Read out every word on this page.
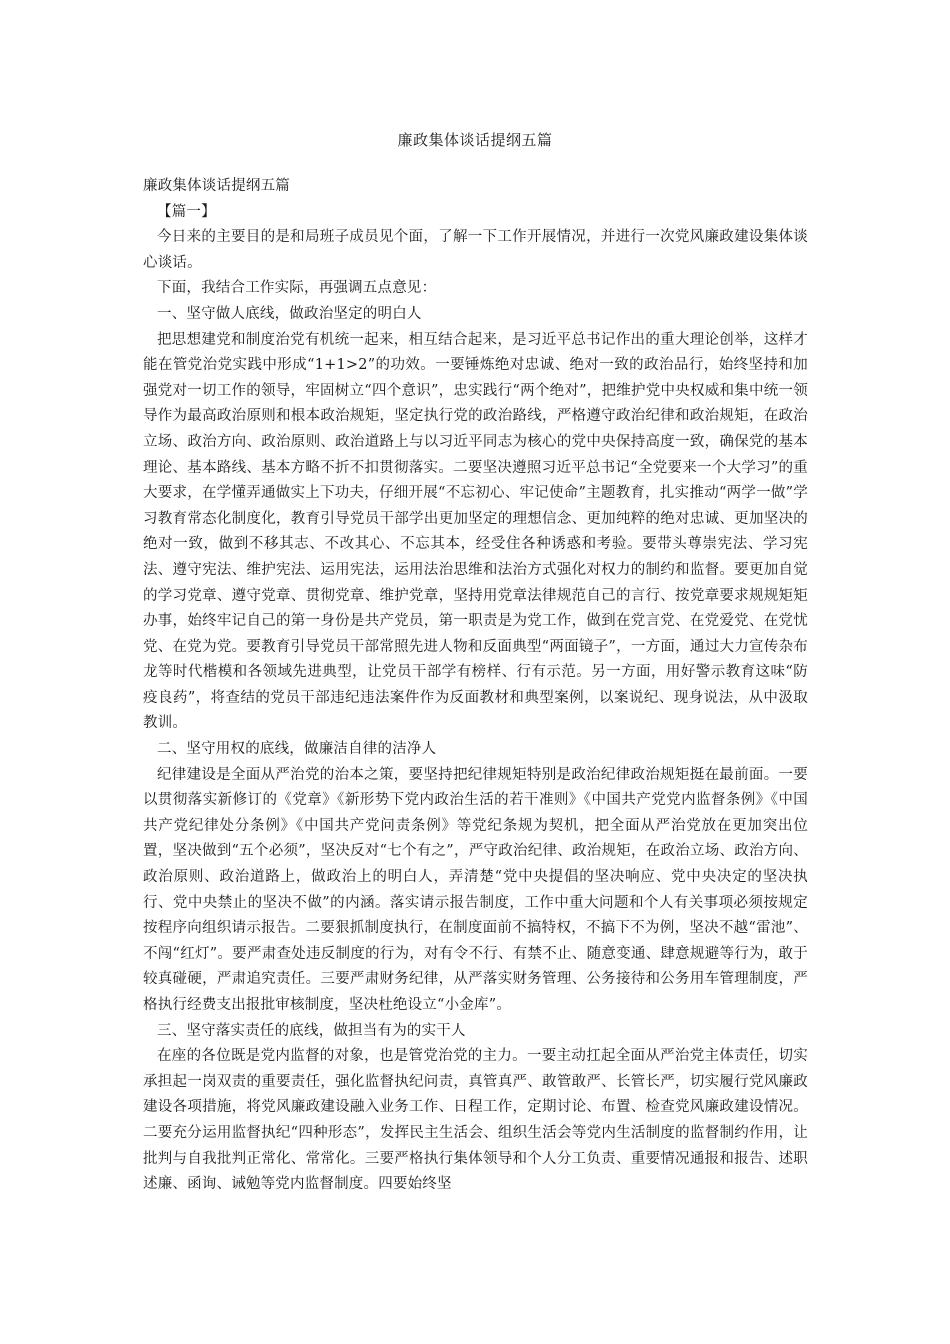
廉政集体谈话提纲五篇

廉政集体谈话提纲五篇

【篇一】

今日来的主要目的是和局班子成员见个面，了解一下工作开展情况，并进行一次党风廉政建设集体谈心谈话。

下面，我结合工作实际，再强调五点意见：

一、坚守做人底线，做政治坚定的明白人

把思想建党和制度治党有机统一起来，相互结合起来，是习近平总书记作出的重大理论创举，这样才能在管党治党实践中形成“1+1>2”的功效。一要锤炼绝对忠诚、绝对一致的政治品行，始终坚持和加强党对一切工作的领导，牢固树立“四个意识”，忠实践行“两个绝对”，把维护党中央权威和集中统一领导作为最高政治原则和根本政治规矩，坚定执行党的政治路线，严格遵守政治纪律和政治规矩，在政治立场、政治方向、政治原则、政治道路上与以习近平同志为核心的党中央保持高度一致，确保党的基本理论、基本路线、基本方略不折不扣贯彻落实。二要坚决遵照习近平总书记“全党要来一个大学习”的重大要求，在学懂弄通做实上下功夫，仔细开展“不忘初心、牢记使命”主题教育，扎实推动“两学一做”学习教育常态化制度化，教育引导党员干部学出更加坚定的理想信念、更加纯粹的绝对忠诚、更加坚决的绝对一致，做到不移其志、不改其心、不忘其本，经受住各种诱惑和考验。要带头尊崇宪法、学习宪法、遵守宪法、维护宪法、运用宪法，运用法治思维和法治方式强化对权力的制约和监督。要更加自觉的学习党章、遵守党章、贯彻党章、维护党章，坚持用党章法律规范自己的言行、按党章要求规规矩矩办事，始终牢记自己的第一身份是共产党员，第一职责是为党工作，做到在党言党、在党爱党、在党忧党、在党为党。要教育引导党员干部常照先进人物和反面典型“两面镜子”，一方面，通过大力宣传杂布龙等时代楷模和各领域先进典型，让党员干部学有榜样、行有示范。另一方面，用好警示教育这味“防疫良药”，将查结的党员干部违纪违法案件作为反面教材和典型案例，以案说纪、现身说法，从中汲取教训。

二、坚守用权的底线，做廉洁自律的洁净人

纪律建设是全面从严治党的治本之策，要坚持把纪律规矩特别是政治纪律政治规矩挺在最前面。一要以贯彻落实新修订的《党章》《新形势下党内政治生活的若干准则》《中国共产党党内监督条例》《中国共产党纪律处分条例》《中国共产党问责条例》等党纪条规为契机，把全面从严治党放在更加突出位置，坚决做到“五个必须”，坚决反对“七个有之”，严守政治纪律、政治规矩，在政治立场、政治方向、政治原则、政治道路上，做政治上的明白人，弄清楚“党中央提倡的坚决响应、党中央决定的坚决执行、党中央禁止的坚决不做”的内涵。落实请示报告制度，工作中重大问题和个人有关事项必须按规定按程序向组织请示报告。二要狠抓制度执行，在制度面前不搞特权，不搞下不为例，坚决不越“雷池”、不闯“红灯”。要严肃查处违反制度的行为，对有令不行、有禁不止、随意变通、肆意规避等行为，敢于较真碰硬，严肃追究责任。三要严肃财务纪律，从严落实财务管理、公务接待和公务用车管理制度，严格执行经费支出报批审核制度，坚决杜绝设立“小金库”。

三、坚守落实责任的底线，做担当有为的实干人

在座的各位既是党内监督的对象，也是管党治党的主力。一要主动扛起全面从严治党主体责任，切实承担起一岗双责的重要责任，强化监督执纪问责，真管真严、敢管敢严、长管长严，切实履行党风廉政建设各项措施，将党风廉政建设融入业务工作、日程工作，定期讨论、布置、检查党风廉政建设情况。二要充分运用监督执纪“四种形态”，发挥民主生活会、组织生活会等党内生活制度的监督制约作用，让批判与自我批判正常化、常常化。三要严格执行集体领导和个人分工负责、重要情况通报和报告、述职述廉、函询、诫勉等党内监督制度。四要始终坚
